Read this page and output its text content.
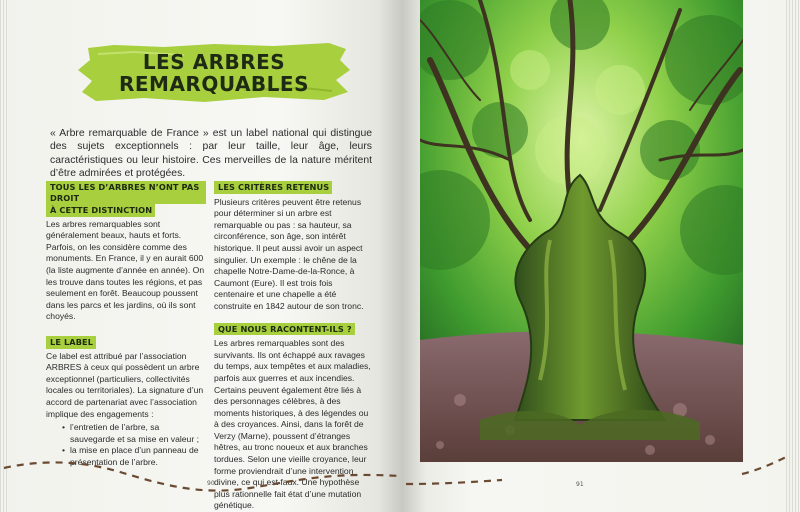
LES ARBRES
REMARQUABLES
« Arbre remarquable de France » est un label national qui distingue des sujets exceptionnels : par leur taille, leur âge, leurs caractéristiques ou leur histoire. Ces merveilles de la nature méritent d’être admirées et protégées.
TOUS LES D’ARBRES N’ONT PAS DROIT
À CETTE DISTINCTION

Les arbres remarquables sont généralement beaux, hauts et forts. Parfois, on les considère comme des monuments. En France, il y en aurait 600 (la liste augmente d’année en année). On les trouve dans toutes les régions, et pas seulement en forêt. Beaucoup poussent dans les parcs et les jardins, où ils sont choyés.

LE LABEL

Ce label est attribué par l’association ARBRES à ceux qui possèdent un arbre exceptionnel (particuliers, collectivités locales ou territoriales). La signature d’un accord de partenariat avec l’association implique des engagements :

• l’entretien de l’arbre, sa sauvegarde et sa mise en valeur ;
• la mise en place d’un panneau de présentation de l’arbre.
LES CRITÈRES RETENUS

Plusieurs critères peuvent être retenus pour déterminer si un arbre est remarquable ou pas : sa hauteur, sa circonférence, son âge, son intérêt historique. Il peut aussi avoir un aspect singulier. Un exemple : le chêne de la chapelle Notre-Dame-de-la-Ronce, à Caumont (Eure). Il est trois fois centenaire et une chapelle a été construite en 1842 autour de son tronc.

QUE NOUS RACONTENT-ILS ?

Les arbres remarquables sont des survivants. Ils ont échappé aux ravages du temps, aux tempêtes et aux maladies, parfois aux guerres et aux incendies. Certains peuvent également être liés à des personnages célèbres, à des moments historiques, à des légendes ou à des croyances. Ainsi, dans la forêt de Verzy (Marne), poussent d’étranges hêtres, au tronc noueux et aux branches tordues. Selon une vieille croyance, leur forme proviendrait d’une intervention divine, ce qui est faux. Une hypothèse plus rationnelle fait état d’une mutation génétique.

90	91
